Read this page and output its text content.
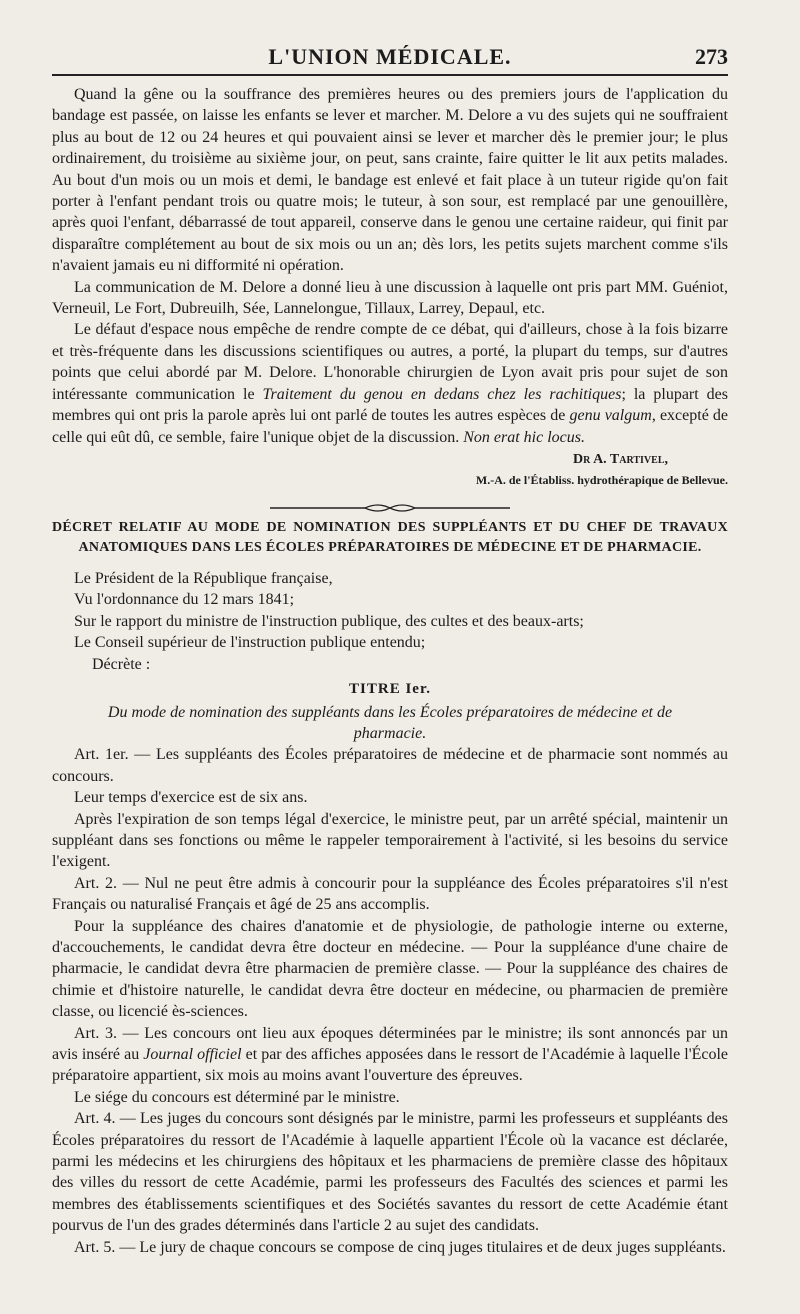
L'UNION MÉDICALE.	273

Quand la gêne ou la souffrance des premières heures ou des premiers jours de l'application du bandage est passée, on laisse les enfants se lever et marcher. M. Delore a vu des sujets qui ne souffraient plus au bout de 12 ou 24 heures et qui pouvaient ainsi se lever et marcher dès le premier jour; le plus ordinairement, du troisième au sixième jour, on peut, sans crainte, faire quitter le lit aux petits malades. Au bout d'un mois ou un mois et demi, le bandage est enlevé et fait place à un tuteur rigide qu'on fait porter à l'enfant pendant trois ou quatre mois; le tuteur, à son sour, est remplacé par une genouillère, après quoi l'enfant, débarrassé de tout appareil, conserve dans le genou une certaine raideur, qui finit par disparaître complétement au bout de six mois ou un an; dès lors, les petits sujets marchent comme s'ils n'avaient jamais eu ni difformité ni opération.

La communication de M. Delore a donné lieu à une discussion à laquelle ont pris part MM. Guéniot, Verneuil, Le Fort, Dubreuilh, Sée, Lannelongue, Tillaux, Larrey, Depaul, etc.

Le défaut d'espace nous empêche de rendre compte de ce débat, qui d'ailleurs, chose à la fois bizarre et très-fréquente dans les discussions scientifiques ou autres, a porté, la plupart du temps, sur d'autres points que celui abordé par M. Delore. L'honorable chirurgien de Lyon avait pris pour sujet de son intéressante communication le Traitement du genou en dedans chez les rachitiques; la plupart des membres qui ont pris la parole après lui ont parlé de toutes les autres espèces de genu valgum, excepté de celle qui eût dû, ce semble, faire l'unique objet de la discussion. Non erat hic locus.

Dr A. Tartivel,
M.-A. de l'Établiss. hydrothérapique de Bellevue.
DÉCRET RELATIF AU MODE DE NOMINATION DES SUPPLÉANTS ET DU CHEF DE TRAVAUX
ANATOMIQUES DANS LES ÉCOLES PRÉPARATOIRES DE MÉDECINE ET DE PHARMACIE.

Le Président de la République française,

Vu l'ordonnance du 12 mars 1841;

Sur le rapport du ministre de l'instruction publique, des cultes et des beaux-arts;

Le Conseil supérieur de l'instruction publique entendu;

Décrète :

TITRE Ier.
Du mode de nomination des suppléants dans les Écoles préparatoires de médecine et de pharmacie.

Art. 1er. — Les suppléants des Écoles préparatoires de médecine et de pharmacie sont nommés au concours.

Leur temps d'exercice est de six ans.

Après l'expiration de son temps légal d'exercice, le ministre peut, par un arrêté spécial, maintenir un suppléant dans ses fonctions ou même le rappeler temporairement à l'activité, si les besoins du service l'exigent.

Art. 2. — Nul ne peut être admis à concourir pour la suppléance des Écoles préparatoires s'il n'est Français ou naturalisé Français et âgé de 25 ans accomplis.

Pour la suppléance des chaires d'anatomie et de physiologie, de pathologie interne ou externe, d'accouchements, le candidat devra être docteur en médecine. — Pour la suppléance d'une chaire de pharmacie, le candidat devra être pharmacien de première classe. — Pour la suppléance des chaires de chimie et d'histoire naturelle, le candidat devra être docteur en médecine, ou pharmacien de première classe, ou licencié ès-sciences.

Art. 3. — Les concours ont lieu aux époques déterminées par le ministre; ils sont annoncés par un avis inséré au Journal officiel et par des affiches apposées dans le ressort de l'Académie à laquelle l'École préparatoire appartient, six mois au moins avant l'ouverture des épreuves.

Le siége du concours est déterminé par le ministre.

Art. 4. — Les juges du concours sont désignés par le ministre, parmi les professeurs et suppléants des Écoles préparatoires du ressort de l'Académie à laquelle appartient l'École où la vacance est déclarée, parmi les médecins et les chirurgiens des hôpitaux et les pharmaciens de première classe des hôpitaux des villes du ressort de cette Académie, parmi les professeurs des Facultés des sciences et parmi les membres des établissements scientifiques et des Sociétés savantes du ressort de cette Académie étant pourvus de l'un des grades déterminés dans l'article 2 au sujet des candidats.

Art. 5. — Le jury de chaque concours se compose de cinq juges titulaires et de deux juges suppléants.
